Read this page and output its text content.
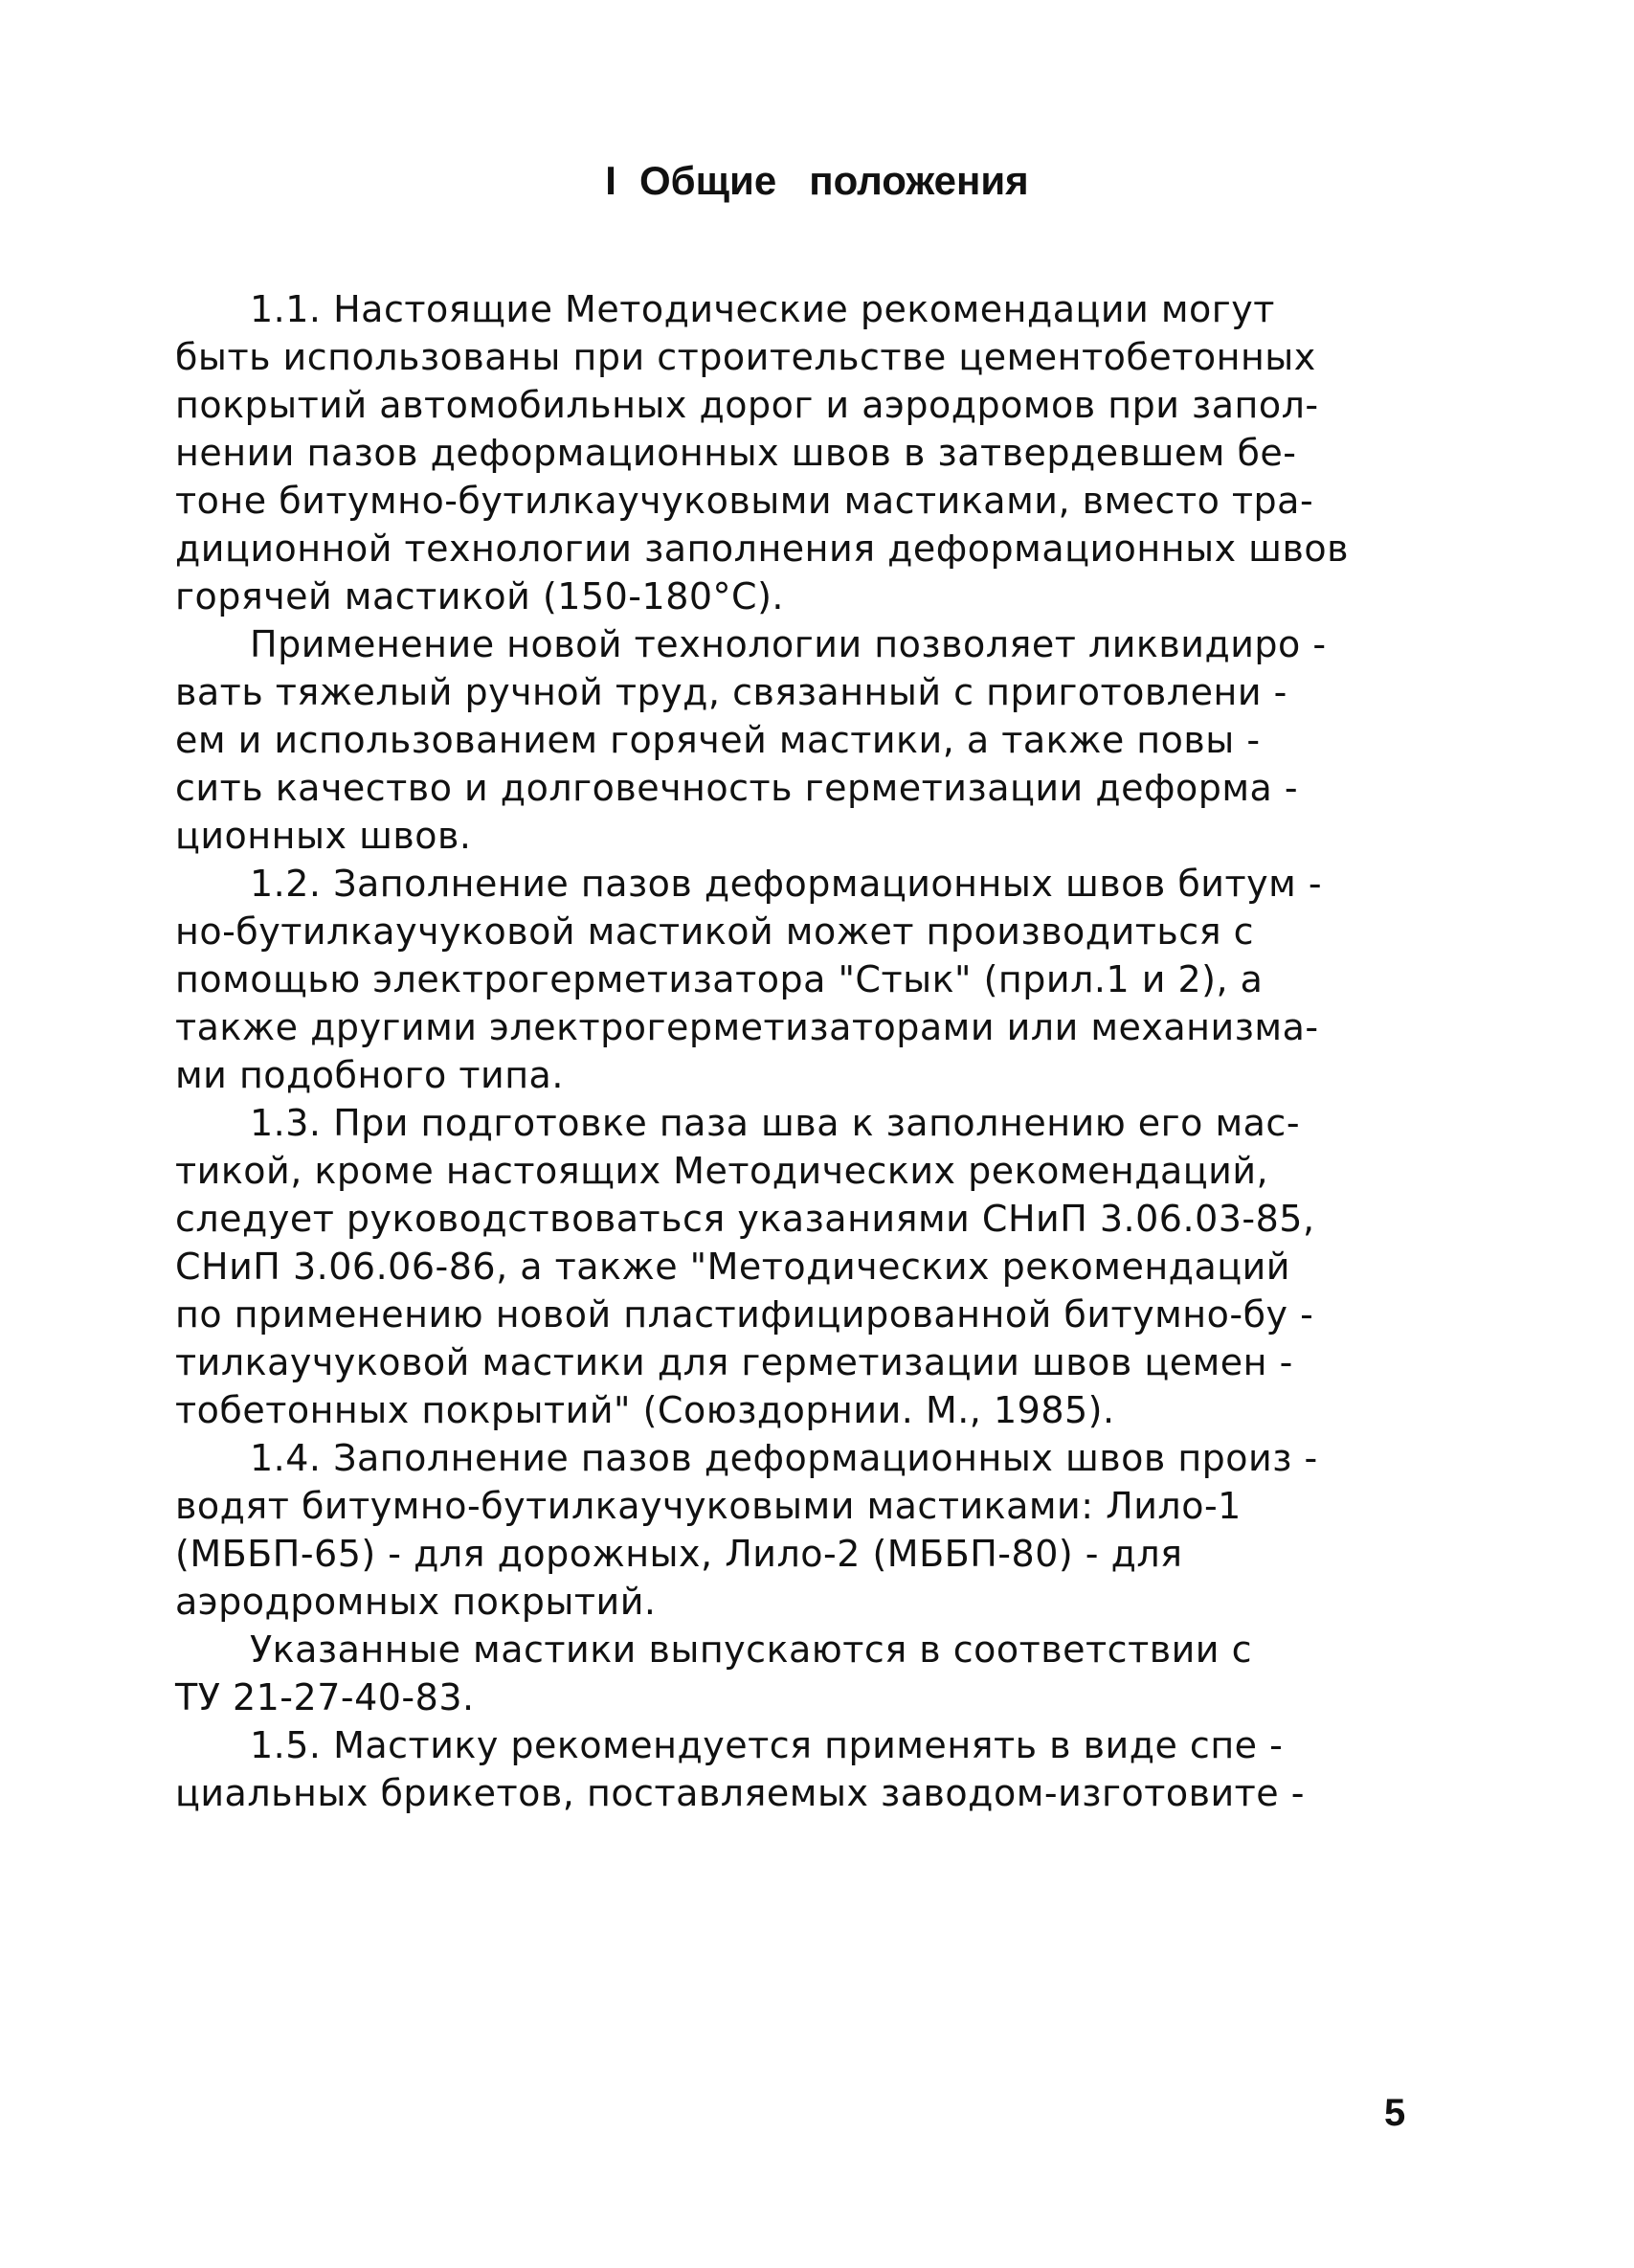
I Общие положения
1.1. Настоящие Методические рекомендации могут
быть использованы при строительстве цементобетонных
покрытий автомобильных дорог и аэродромов при запол-
нении пазов деформационных швов в затвердевшем бе-
тоне битумно-бутилкаучуковыми мастиками, вместо тра-
диционной технологии заполнения деформационных швов
горячей мастикой (150-180°С).
Применение новой технологии позволяет ликвидиро -
вать тяжелый ручной труд, связанный с приготовлени -
ем и использованием горячей мастики, а также повы -
сить качество и долговечность герметизации деформа -
ционных швов.
1.2. Заполнение пазов деформационных швов битум -
но-бутилкаучуковой мастикой может производиться с
помощью электрогерметизатора "Стык" (прил.1 и 2), а
также другими электрогерметизаторами или механизма-
ми подобного типа.
1.3. При подготовке паза шва к заполнению его мас-
тикой, кроме настоящих Методических рекомендаций,
следует руководствоваться указаниями СНиП 3.06.03-85,
СНиП 3.06.06-86, а также "Методических рекомендаций
по применению новой пластифицированной битумно-бу -
тилкаучуковой мастики для герметизации швов цемен -
тобетонных покрытий" (Союздорнии. М., 1985).
1.4. Заполнение пазов деформационных швов произ -
водят битумно-бутилкаучуковыми мастиками: Лило-1
(МББП-65) - для дорожных, Лило-2 (МББП-80) - для
аэродромных покрытий.
Указанные мастики выпускаются в соответствии с
ТУ 21-27-40-83.
1.5. Мастику рекомендуется применять в виде спе -
циальных брикетов, поставляемых заводом-изготовите -
5
